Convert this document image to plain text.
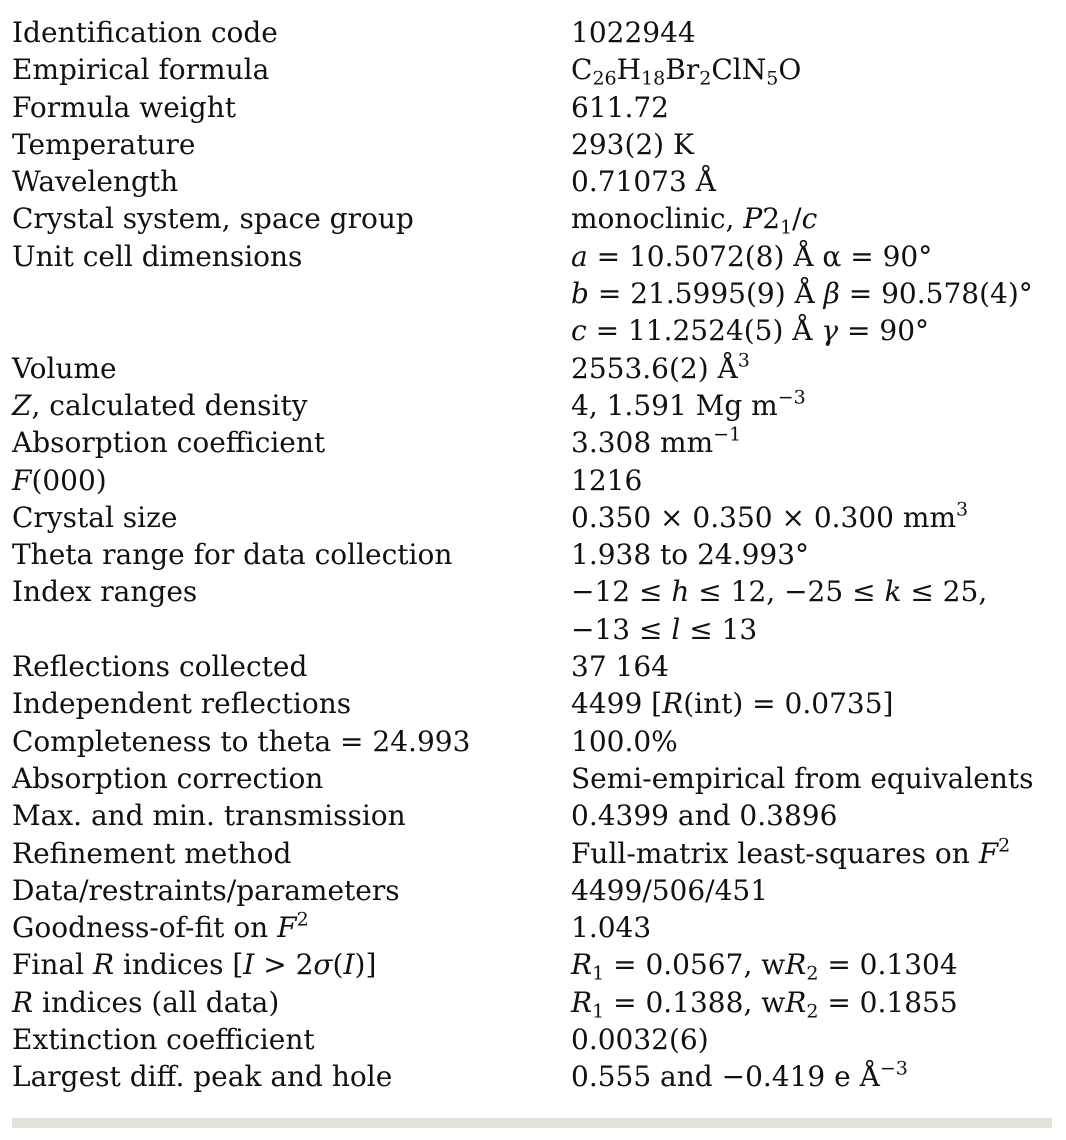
Identification code	1022944
Empirical formula	$C_{26}H_{18}Br_2ClN_5O$
Formula weight	611.72
Temperature	293(2) K
Wavelength	0.71073 Å
Crystal system, space group	monoclinic, $P2_1/c$
Unit cell dimensions	a = 10.5072(8) Å α = 90°
b = 21.5995(9) Å β = 90.578(4)°
c = 11.2524(5) Å γ = 90°
Volume	2553.6(2) $Å^3$
Z, calculated density	4, 1.591 Mg $m^{-3}$
Absorption coefficient	3.308 $mm^{-1}$
F(000)	1216
Crystal size	0.350 × 0.350 × 0.300 $mm^3$
Theta range for data collection	1.938 to 24.993°
Index ranges	−12 ≤ h ≤ 12, −25 ≤ k ≤ 25,
−13 ≤ l ≤ 13
Reflections collected	37 164
Independent reflections	4499 [R(int) = 0.0735]
Completeness to theta = 24.993	100.0%
Absorption correction	Semi-empirical from equivalents
Max. and min. transmission	0.4399 and 0.3896
Refinement method	Full-matrix least-squares on $F^2$
Data/restraints/parameters	4499/506/451
Goodness-of-fit on $F^2$	1.043
Final R indices [I > 2σ(I)]	$R_1 = 0.0567$, $wR_2 = 0.1304$
R indices (all data)	$R_1 = 0.1388$, $wR_2 = 0.1855$
Extinction coefficient	0.0032(6)
Largest diff. peak and hole	0.555 and −0.419 e $Å^{-3}$
